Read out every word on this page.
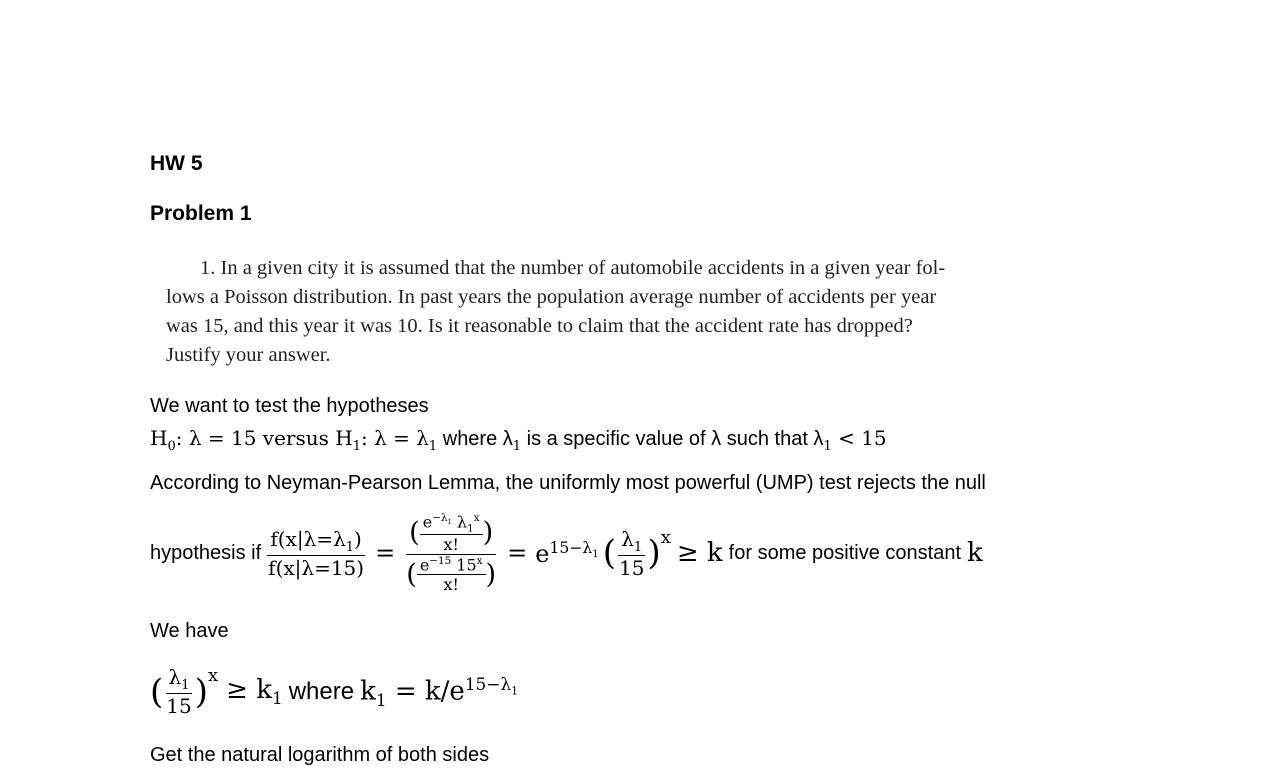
HW 5
Problem 1
1. In a given city it is assumed that the number of automobile accidents in a given year fol-
lows a Poisson distribution. In past years the population average number of accidents per year
was 15, and this year it was 10. Is it reasonable to claim that the accident rate has dropped?
Justify your answer.
We want to test the hypotheses
$H_0$: λ = 15 versus $H_1$: $\lambda = \lambda_1$ where $\lambda_1$ is a specific value of λ such that $\lambda_1 < 15$
According to Neyman-Pearson Lemma, the uniformly most powerful (UMP) test rejects the null
hypothesis if $\frac{f(x|\lambda=\lambda_1)}{f(x|\lambda=15)} = \frac{( \frac{e^{-\lambda_1} \lambda_1^x}{x!} )}{( \frac{e^{-15} 15^x}{x!} )} = e^{15-\lambda_1}$ ( $\frac{\lambda_1}{15}$ ) x
≥ k for some positive constant k
We have
( $\frac{\lambda_1}{15}$ ) $x \ge k_1$ where $k_1 = k/e^{15-\lambda_1}$
Get the natural logarithm of both sides
